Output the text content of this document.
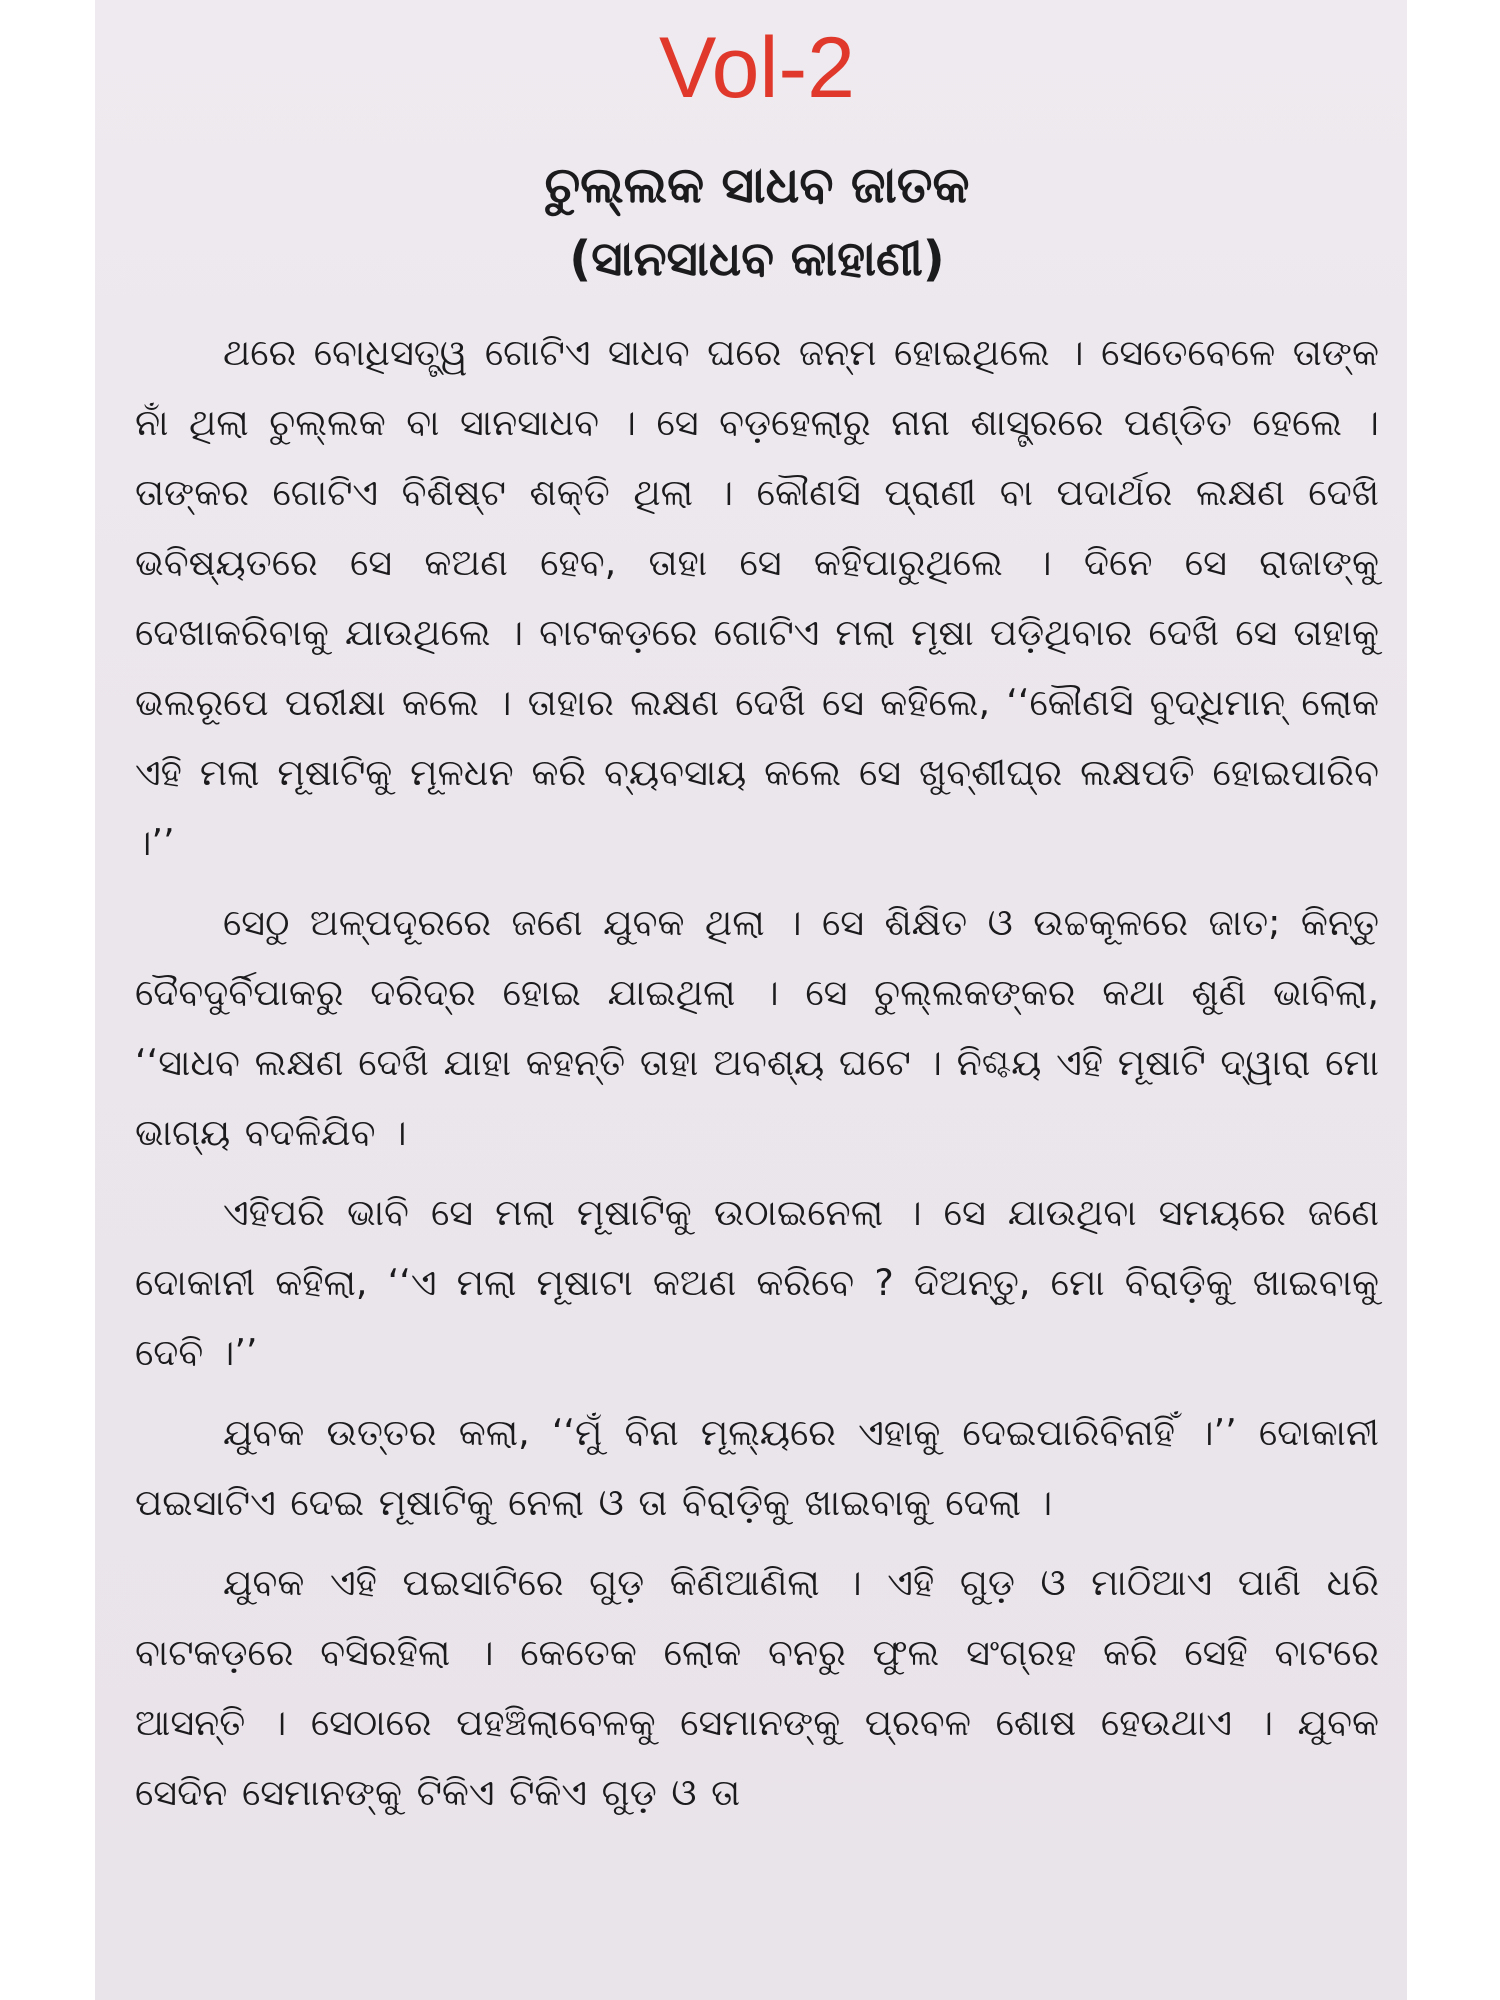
Vol-2
ଚୁଲ୍ଲକ ସାଧବ ଜାତକ
(ସାନସାଧବ କାହାଣୀ)

ଥରେ ବୋଧିସତ୍ତ୍ୱ ଗୋଟିଏ ସାଧବ ଘରେ ଜନ୍ମ ହୋଇଥିଲେ । ସେତେବେଳେ ତାଙ୍କ ନାଁ ଥିଲା ଚୁଲ୍ଲକ ବା ସାନସାଧବ । ସେ ବଡ଼ହେଲାରୁ ନାନା ଶାସ୍ତ୍ରରେ ପଣ୍ଡିତ ହେଲେ । ତାଙ୍କର ଗୋଟିଏ ବିଶିଷ୍ଟ ଶକ୍ତି ଥିଲା । କୌଣସି ପ୍ରାଣୀ ବା ପଦାର୍ଥର ଲକ୍ଷଣ ଦେଖି ଭବିଷ୍ୟତରେ ସେ କଅଣ ହେବ, ତାହା ସେ କହିପାରୁଥିଲେ । ଦିନେ ସେ ରାଜାଙ୍କୁ ଦେଖାକରିବାକୁ ଯାଉଥିଲେ । ବାଟକଡ଼ରେ ଗୋଟିଏ ମଲା ମୂଷା ପଡ଼ିଥିବାର ଦେଖି ସେ ତାହାକୁ ଭଲରୂପେ ପରୀକ୍ଷା କଲେ । ତାହାର ଲକ୍ଷଣ ଦେଖି ସେ କହିଲେ, ‘‘କୌଣସି ବୁଦ୍ଧିମାନ୍ ଲୋକ ଏହି ମଲା ମୂଷାଟିକୁ ମୂଳଧନ କରି ବ୍ୟବସାୟ କଲେ ସେ ଖୁବ୍‌ଶୀଘ୍ର ଲକ୍ଷପତି ହୋଇପାରିବ ।’’

ସେଠୁ ଅଳ୍ପଦୂରରେ ଜଣେ ଯୁବକ ଥିଲା । ସେ ଶିକ୍ଷିତ ଓ ଉଚ୍ଚକୂଳରେ ଜାତ; କିନ୍ତୁ ଦୈବଦୁର୍ବିପାକରୁ ଦରିଦ୍ର ହୋଇ ଯାଇଥିଲା । ସେ ଚୁଲ୍ଲକଙ୍କର କଥା ଶୁଣି ଭାବିଲା, ‘‘ସାଧବ ଲକ୍ଷଣ ଦେଖି ଯାହା କହନ୍ତି ତାହା ଅବଶ୍ୟ ଘଟେ । ନିଶ୍ଚୟ ଏହି ମୂଷାଟି ଦ୍ୱାରା ମୋ ଭାଗ୍ୟ ବଦଳିଯିବ ।

ଏହିପରି ଭାବି ସେ ମଲା ମୂଷାଟିକୁ ଉଠାଇନେଲା । ସେ ଯାଉଥିବା ସମୟରେ ଜଣେ ଦୋକାନୀ କହିଲା, ‘‘ଏ ମଲା ମୂଷାଟା କଅଣ କରିବେ ? ଦିଅନ୍ତୁ, ମୋ ବିରାଡ଼ିକୁ ଖାଇବାକୁ ଦେବି ।’’

ଯୁବକ ଉତ୍ତର କଲା, ‘‘ମୁଁ ବିନା ମୂଲ୍ୟରେ ଏହାକୁ ଦେଇପାରିବିନାହିଁ ।’’ ଦୋକାନୀ ପଇସାଟିଏ ଦେଇ ମୂଷାଟିକୁ ନେଲା ଓ ତା ବିରାଡ଼ିକୁ ଖାଇବାକୁ ଦେଲା ।

ଯୁବକ ଏହି ପଇସାଟିରେ ଗୁଡ଼ କିଣିଆଣିଲା । ଏହି ଗୁଡ଼ ଓ ମାଠିଆଏ ପାଣି ଧରି ବାଟକଡ଼ରେ ବସିରହିଲା । କେତେକ ଲୋକ ବନରୁ ଫୁଲ ସଂଗ୍ରହ କରି ସେହି ବାଟରେ ଆସନ୍ତି । ସେଠାରେ ପହଞ୍ଚିଲାବେଳକୁ ସେମାନଙ୍କୁ ପ୍ରବଳ ଶୋଷ ହେଉଥାଏ । ଯୁବକ ସେଦିନ ସେମାନଙ୍କୁ ଟିକିଏ ଟିକିଏ ଗୁଡ଼ ଓ ତା
